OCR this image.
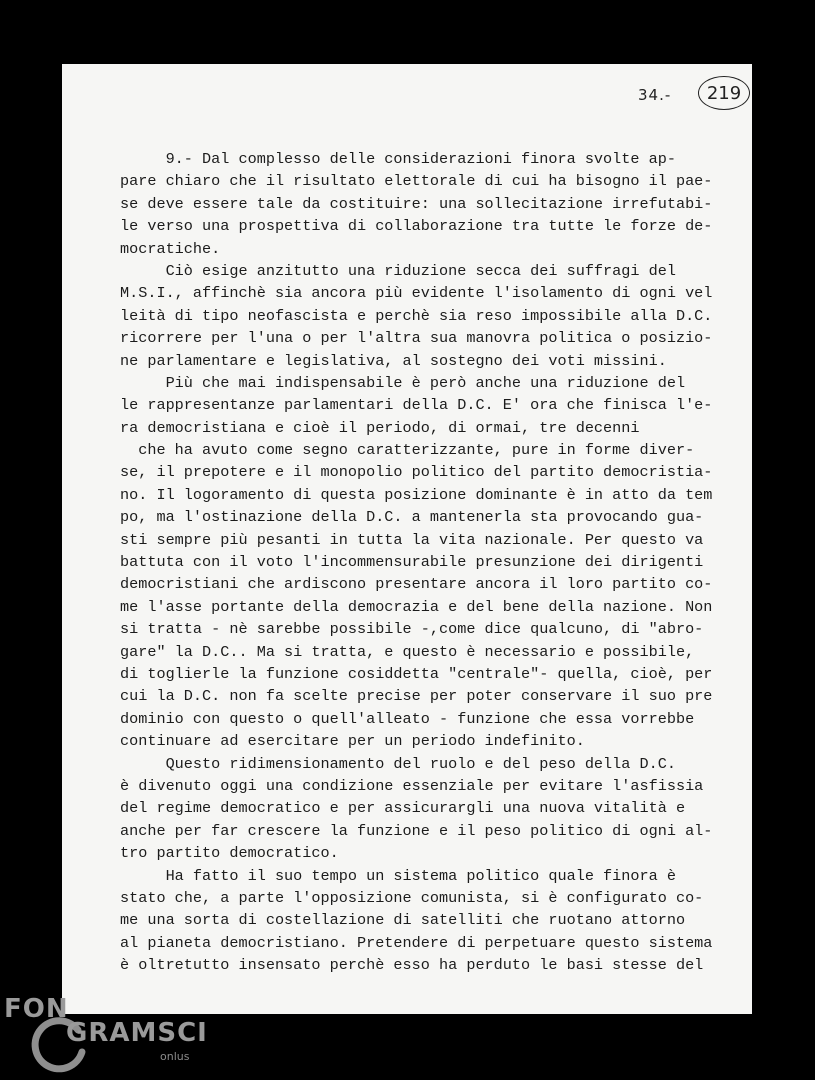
34.-	219
9.- Dal complesso delle considerazioni finora svolte ap-
pare chiaro che il risultato elettorale di cui ha bisogno il pae-
se deve essere tale da costituire: una sollecitazione irrefutabi-
le verso una prospettiva di collaborazione tra tutte le forze de-
mocratiche.
Ciò esige anzitutto una riduzione secca dei suffragi del
M.S.I., affinchè sia ancora più evidente l'isolamento di ogni vel
leità di tipo neofascista e perchè sia reso impossibile alla D.C.
ricorrere per l'una o per l'altra sua manovra politica o posizio-
ne parlamentare e legislativa, al sostegno dei voti missini.
Più che mai indispensabile è però anche una riduzione del
le rappresentanze parlamentari della D.C. E' ora che finisca l'e-
ra democristiana e cioè il periodo, di ormai, tre decenni
che ha avuto come segno caratterizzante, pure in forme diver-
se, il prepotere e il monopolio politico del partito democristia-
no. Il logoramento di questa posizione dominante è in atto da tem
po, ma l'ostinazione della D.C. a mantenerla sta provocando gua-
sti sempre più pesanti in tutta la vita nazionale. Per questo va
battuta con il voto l'incommensurabile presunzione dei dirigenti
democristiani che ardiscono presentare ancora il loro partito co-
me l'asse portante della democrazia e del bene della nazione. Non
si tratta - nè sarebbe possibile -,come dice qualcuno, di "abro-
gare" la D.C.. Ma si tratta, e questo è necessario e possibile,
di toglierle la funzione cosiddetta "centrale"- quella, cioè, per
cui la D.C. non fa scelte precise per poter conservare il suo pre
dominio con questo o quell'alleato - funzione che essa vorrebbe
continuare ad esercitare per un periodo indefinito.
Questo ridimensionamento del ruolo e del peso della D.C.
è divenuto oggi una condizione essenziale per evitare l'asfissia
del regime democratico e per assicurargli una nuova vitalità e
anche per far crescere la funzione e il peso politico di ogni al-
tro partito democratico.
Ha fatto il suo tempo un sistema politico quale finora è
stato che, a parte l'opposizione comunista, si è configurato co-
me una sorta di costellazione di satelliti che ruotano attorno
al pianeta democristiano. Pretendere di perpetuare questo sistema
è oltretutto insensato perchè esso ha perduto le basi stesse del
FON
GRAMSCI
onlus
